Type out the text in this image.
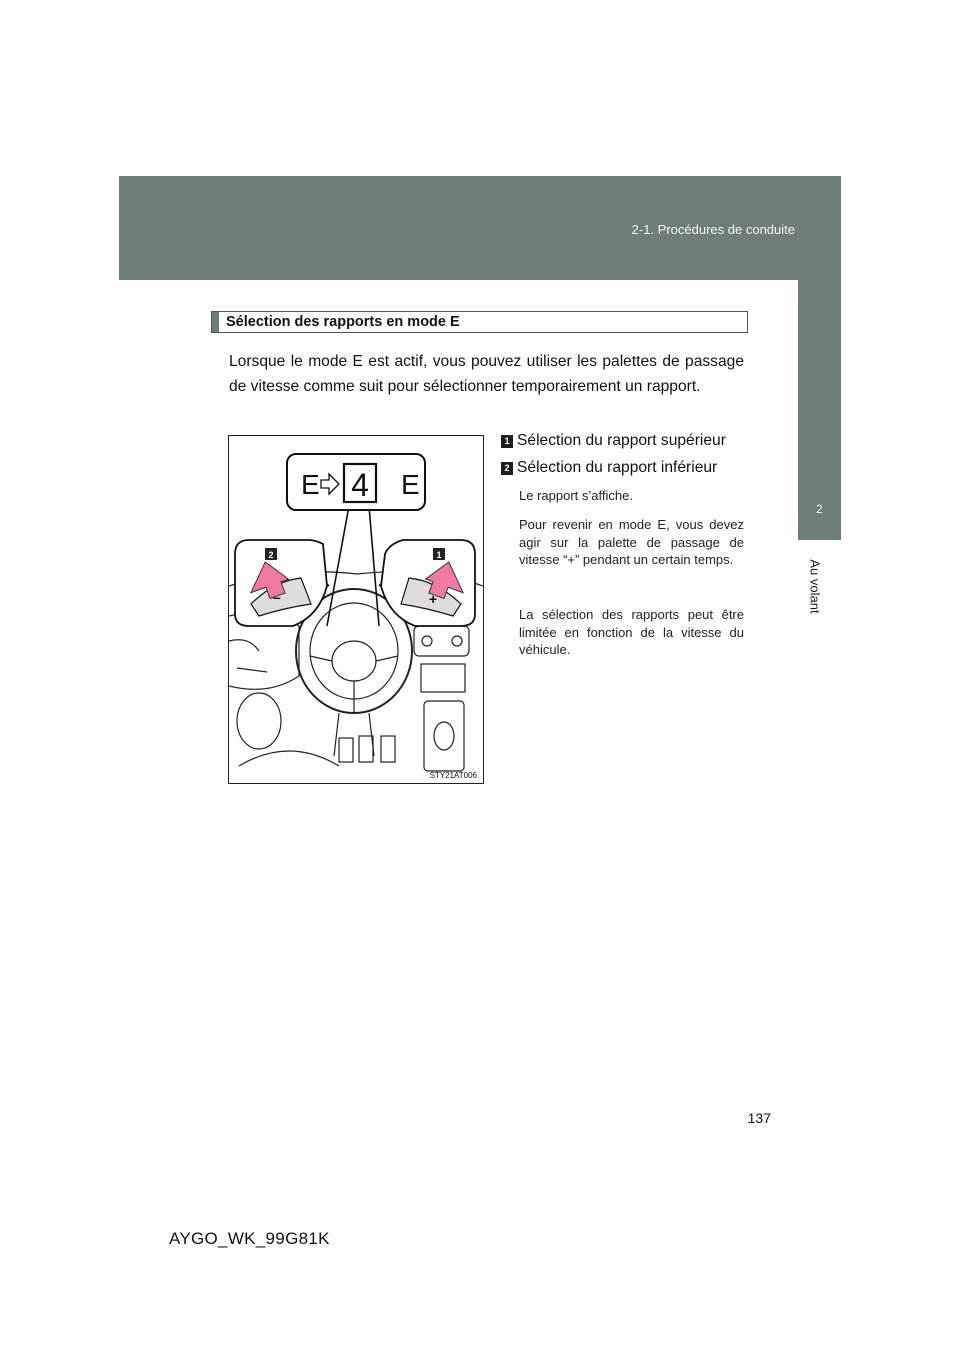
2-1. Procédures de conduite
2
Au volant
Sélection des rapports en mode E
Lorsque le mode E est actif, vous pouvez utiliser les palettes de passage de vitesse comme suit pour sélectionner temporairement un rapport.
E 4 E
–
2
+
1
STY21AT006
1 Sélection du rapport supérieur
2 Sélection du rapport inférieur
Le rapport s’affiche.
Pour revenir en mode E, vous devez agir sur la palette de passage de vitesse “+” pendant un certain temps.
La sélection des rapports peut être limitée en fonction de la vitesse du véhicule.
137
AYGO_WK_99G81K
